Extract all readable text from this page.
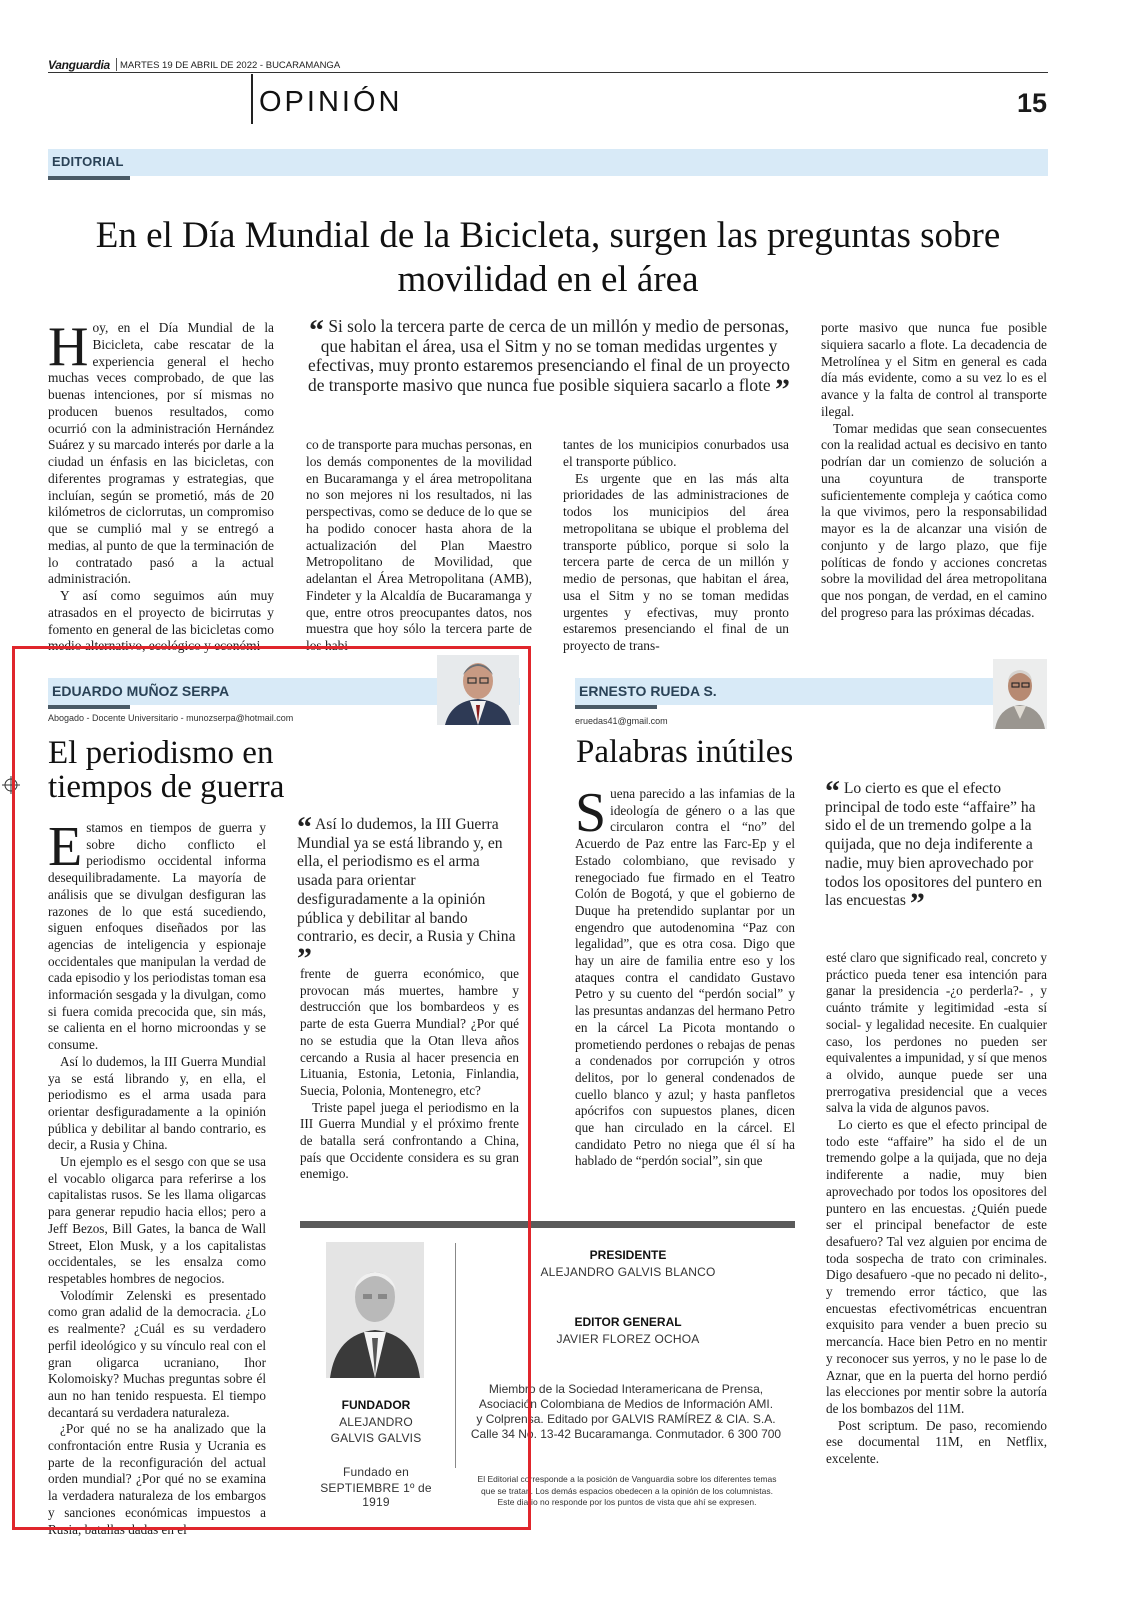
Vanguardia MARTES 19 DE ABRIL DE 2022 - BUCARAMANGA
OPINIÓN	15
EDITORIAL
En el Día Mundial de la Bicicleta, surgen las preguntas sobre movilidad en el área

Hoy, en el Día Mundial de la Bicicleta, cabe rescatar de la experiencia general el hecho muchas veces comprobado, de que las buenas intenciones, por sí mismas no producen buenos resultados, como ocurrió con la administración Hernández Suárez y su marcado interés por darle a la ciudad un énfasis en las bicicletas, con diferentes programas y estrategias, que incluían, según se prometió, más de 20 kilómetros de ciclorrutas, un compromiso que se cumplió mal y se entregó a medias, al punto de que la terminación de lo contratado pasó a la actual administración.

Y así como seguimos aún muy atrasados en el proyecto de bicirrutas y fomento en general de las bicicletas como medio alternativo, ecológico y económi-

“ Si solo la tercera parte de cerca de un millón y medio de personas, que habitan el área, usa el Sitm y no se toman medidas urgentes y efectivas, muy pronto estaremos presenciando el final de un proyecto de transporte masivo que nunca fue posible siquiera sacarlo a flote ”

co de transporte para muchas personas, en los demás componentes de la movilidad en Bucaramanga y el área metropolitana no son mejores ni los resultados, ni las perspectivas, como se deduce de lo que se ha podido conocer hasta ahora de la actualización del Plan Maestro Metropolitano de Movilidad, que adelantan el Área Metropolitana (AMB), Findeter y la Alcaldía de Bucaramanga y que, entre otros preocupantes datos, nos muestra que hoy sólo la tercera parte de los habi-

tantes de los municipios conurbados usa el transporte público.

Es urgente que en las más alta prioridades de las administraciones de todos los municipios del área metropolitana se ubique el problema del transporte público, porque si solo la tercera parte de cerca de un millón y medio de personas, que habitan el área, usa el Sitm y no se toman medidas urgentes y efectivas, muy pronto estaremos presenciando el final de un proyecto de trans-

porte masivo que nunca fue posible siquiera sacarlo a flote. La decadencia de Metrolínea y el Sitm en general es cada día más evidente, como a su vez lo es el avance y la falta de control al transporte ilegal.

Tomar medidas que sean consecuentes con la realidad actual es decisivo en tanto podrían dar un comienzo de solución a una coyuntura de transporte suficientemente compleja y caótica como la que vivimos, pero la responsabilidad mayor es la de alcanzar una visión de conjunto y de largo plazo, que fije políticas de fondo y acciones concretas sobre la movilidad del área metropolitana que nos pongan, de verdad, en el camino del progreso para las próximas décadas.

EDUARDO MUÑOZ SERPA
Abogado - Docente Universitario - munozserpa@hotmail.com
El periodismo en tiempos de guerra

Estamos en tiempos de guerra y sobre dicho conflicto el periodismo occidental informa desequilibradamente. La mayoría de análisis que se divulgan desfiguran las razones de lo que está sucediendo, siguen enfoques diseñados por las agencias de inteligencia y espionaje occidentales que manipulan la verdad de cada episodio y los periodistas toman esa información sesgada y la divulgan, como si fuera comida precocida que, sin más, se calienta en el horno microondas y se consume.

Así lo dudemos, la III Guerra Mundial ya se está librando y, en ella, el periodismo es el arma usada para orientar desfiguradamente a la opinión pública y debilitar al bando contrario, es decir, a Rusia y China.

Un ejemplo es el sesgo con que se usa el vocablo oligarca para referirse a los capitalistas rusos. Se les llama oligarcas para generar repudio hacia ellos; pero a Jeff Bezos, Bill Gates, la banca de Wall Street, Elon Musk, y a los capitalistas occidentales, se les ensalza como respetables hombres de negocios.

Volodímir Zelenski es presentado como gran adalid de la democracia. ¿Lo es realmente? ¿Cuál es su verdadero perfil ideológico y su vínculo real con el gran oligarca ucraniano, Ihor Kolomoisky? Muchas preguntas sobre él aun no han tenido respuesta. El tiempo decantará su verdadera naturaleza.

¿Por qué no se ha analizado que la confrontación entre Rusia y Ucrania es parte de la reconfiguración del actual orden mundial? ¿Por qué no se examina la verdadera naturaleza de los embargos y sanciones económicas impuestos a Rusia, batallas dadas en el

“ Así lo dudemos, la III Guerra Mundial ya se está librando y, en ella, el periodismo es el arma usada para orientar desfiguradamente a la opinión pública y debilitar al bando contrario, es decir, a Rusia y China ”

frente de guerra económico, que provocan más muertes, hambre y destrucción que los bombardeos y es parte de esta Guerra Mundial? ¿Por qué no se estudia que la Otan lleva años cercando a Rusia al hacer presencia en Lituania, Estonia, Letonia, Finlandia, Suecia, Polonia, Montenegro, etc?

Triste papel juega el periodismo en la III Guerra Mundial y el próximo frente de batalla será confrontando a China, país que Occidente considera es su gran enemigo.

ERNESTO RUEDA S.
eruedas41@gmail.com
Palabras inútiles

Suena parecido a las infamias de la ideología de género o a las que circularon contra el “no” del Acuerdo de Paz entre las Farc-Ep y el Estado colombiano, que revisado y renegociado fue firmado en el Teatro Colón de Bogotá, y que el gobierno de Duque ha pretendido suplantar por un engendro que autodenomina “Paz con legalidad”, que es otra cosa. Digo que hay un aire de familia entre eso y los ataques contra el candidato Gustavo Petro y su cuento del “perdón social” y las presuntas andanzas del hermano Petro en la cárcel La Picota montando o prometiendo perdones o rebajas de penas a condenados por corrupción y otros delitos, por lo general condenados de cuello blanco y azul; y hasta panfletos apócrifos con supuestos planes, dicen que han circulado en la cárcel. El candidato Petro no niega que él sí ha hablado de “perdón social”, sin que

“ Lo cierto es que el efecto principal de todo este “affaire” ha sido el de un tremendo golpe a la quijada, que no deja indiferente a nadie, muy bien aprovechado por todos los opositores del puntero en las encuestas ”

esté claro que significado real, concreto y práctico pueda tener esa intención para ganar la presidencia -¿o perderla?- , y cuánto trámite y legitimidad -esta sí social- y legalidad necesite. En cualquier caso, los perdones no pueden ser equivalentes a impunidad, y sí que menos a olvido, aunque puede ser una prerrogativa presidencial que a veces salva la vida de algunos pavos.

Lo cierto es que el efecto principal de todo este “affaire” ha sido el de un tremendo golpe a la quijada, que no deja indiferente a nadie, muy bien aprovechado por todos los opositores del puntero en las encuestas. ¿Quién puede ser el principal benefactor de este desafuero? Tal vez alguien por encima de toda sospecha de trato con criminales. Digo desafuero -que no pecado ni delito-, y tremendo error táctico, que las encuestas efectivométricas encuentran exquisito para vender a buen precio su mercancía. Hace bien Petro en no mentir y reconocer sus yerros, y no le pase lo de Aznar, que en la puerta del horno perdió las elecciones por mentir sobre la autoría de los bombazos del 11M.

Post scriptum. De paso, recomiendo ese documental 11M, en Netflix, excelente.

FUNDADOR
ALEJANDRO
GALVIS GALVIS
Fundado en
SEPTIEMBRE 1º de 1919
PRESIDENTE
ALEJANDRO GALVIS BLANCO
EDITOR GENERAL
JAVIER FLOREZ OCHOA
Miembro de la Sociedad Interamericana de Prensa,
Asociación Colombiana de Medios de Información AMI.
y Colprensa. Editado por GALVIS RAMÍREZ & CIA. S.A.
Calle 34 No. 13-42 Bucaramanga. Conmutador. 6 300 700
El Editorial corresponde a la posición de Vanguardia sobre los diferentes temas
que se tratan. Los demás espacios obedecen a la opinión de los columnistas.
Este diario no responde por los puntos de vista que ahí se expresen.
